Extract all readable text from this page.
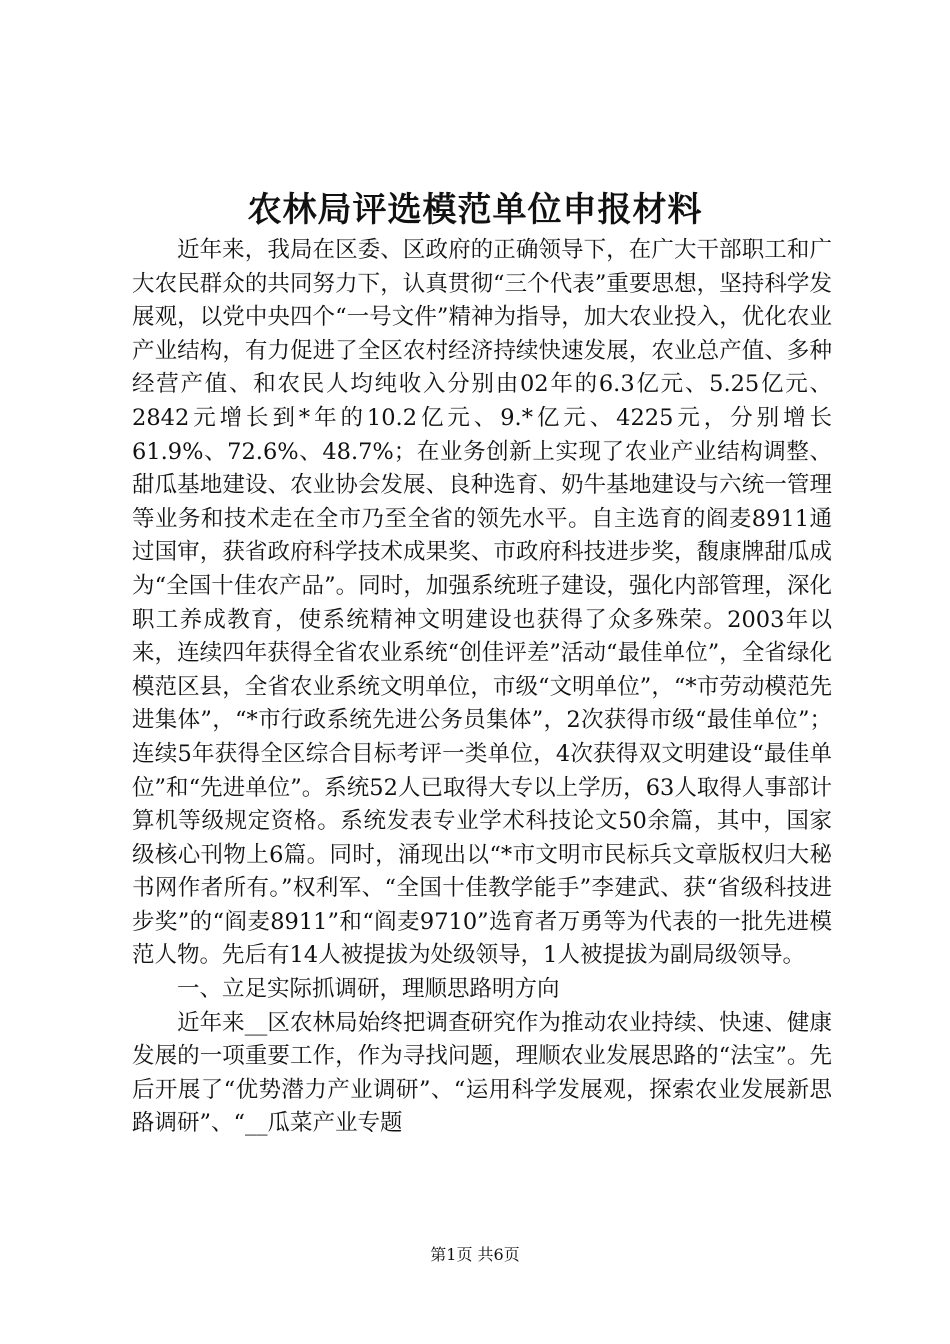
农林局评选模范单位申报材料

近年来，我局在区委、区政府的正确领导下，在广大干部职工和广大农民群众的共同努力下，认真贯彻“三个代表”重要思想，坚持科学发展观，以党中央四个“一号文件”精神为指导，加大农业投入，优化农业产业结构，有力促进了全区农村经济持续快速发展，农业总产值、多种经营产值、和农民人均纯收入分别由02年的6.3亿元、5.25亿元、2842元增长到*年的10.2亿元、9.*亿元、4225元，分别增长61.9%、72.6%、48.7%；在业务创新上实现了农业产业结构调整、甜瓜基地建设、农业协会发展、良种选育、奶牛基地建设与六统一管理等业务和技术走在全市乃至全省的领先水平。自主选育的阎麦8911通过国审，获省政府科学技术成果奖、市政府科技进步奖，馥康牌甜瓜成为“全国十佳农产品”。同时，加强系统班子建设，强化内部管理，深化职工养成教育，使系统精神文明建设也获得了众多殊荣。2003年以来，连续四年获得全省农业系统“创佳评差”活动“最佳单位”，全省绿化模范区县，全省农业系统文明单位，市级“文明单位”，“*市劳动模范先进集体”，“*市行政系统先进公务员集体”，2次获得市级“最佳单位”；连续5年获得全区综合目标考评一类单位，4次获得双文明建设“最佳单位”和“先进单位”。系统52人已取得大专以上学历，63人取得人事部计算机等级规定资格。系统发表专业学术科技论文50余篇，其中，国家级核心刊物上6篇。同时，涌现出以“*市文明市民标兵文章版权归大秘书网作者所有。”权利军、“全国十佳教学能手”李建武、获“省级科技进步奖”的“阎麦8911”和“阎麦9710”选育者万勇等为代表的一批先进模范人物。先后有14人被提拔为处级领导，1人被提拔为副局级领导。

一、立足实际抓调研，理顺思路明方向

近年来__区农林局始终把调查研究作为推动农业持续、快速、健康发展的一项重要工作，作为寻找问题，理顺农业发展思路的“法宝”。先后开展了“优势潜力产业调研”、“运用科学发展观，探索农业发展新思路调研”、“__瓜菜产业专题

第1页 共6页
